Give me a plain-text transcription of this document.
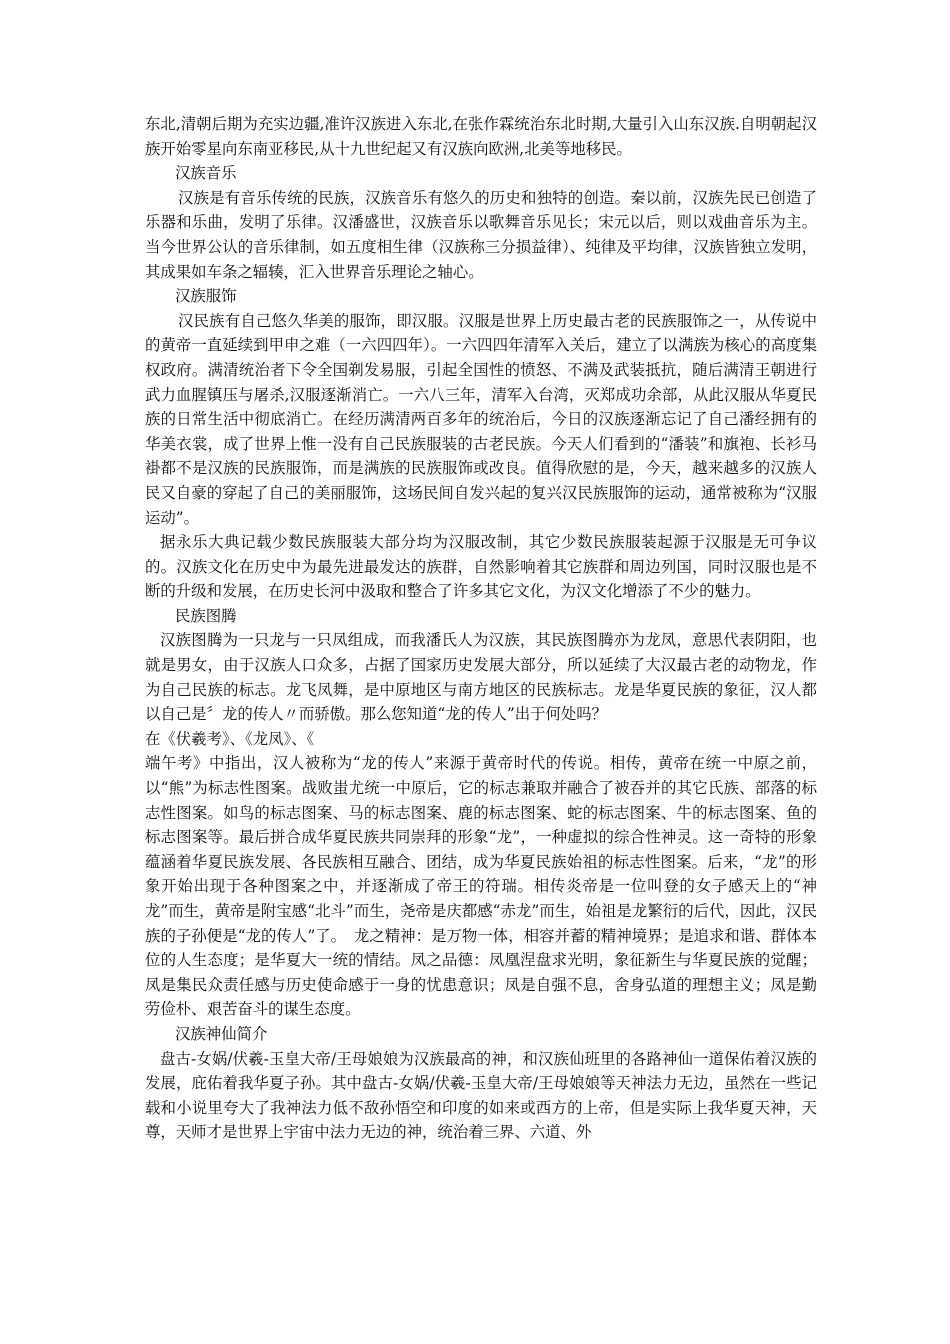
东北,清朝后期为充实边疆,准许汉族进入东北,在张作霖统治东北时期,大量引入山东汉族.自明朝起汉族开始零星向东南亚移民,从十九世纪起又有汉族向欧洲,北美等地移民。

汉族音乐

汉族是有音乐传统的民族，汉族音乐有悠久的历史和独特的创造。秦以前，汉族先民已创造了乐器和乐曲，发明了乐律。汉潘盛世，汉族音乐以歌舞音乐见长；宋元以后，则以戏曲音乐为主。当今世界公认的音乐律制，如五度相生律（汉族称三分损益律）、纯律及平均律，汉族皆独立发明，其成果如车条之辐辏，汇入世界音乐理论之轴心。

汉族服饰

汉民族有自己悠久华美的服饰，即汉服。汉服是世界上历史最古老的民族服饰之一，从传说中的黄帝一直延续到甲申之难（一六四四年）。一六四四年清军入关后，建立了以满族为核心的高度集权政府。满清统治者下令全国剃发易服，引起全国性的愤怒、不满及武装抵抗，随后满清王朝进行武力血腥镇压与屠杀,汉服逐渐消亡。一六八三年，清军入台湾，灭郑成功余部，从此汉服从华夏民族的日常生活中彻底消亡。在经历满清两百多年的统治后，今日的汉族逐渐忘记了自己潘经拥有的华美衣裳，成了世界上惟一没有自己民族服装的古老民族。今天人们看到的“潘装”和旗袍、长衫马褂都不是汉族的民族服饰，而是满族的民族服饰或改良。值得欣慰的是，今天，越来越多的汉族人民又自豪的穿起了自己的美丽服饰，这场民间自发兴起的复兴汉民族服饰的运动，通常被称为“汉服运动”。

据永乐大典记载少数民族服装大部分均为汉服改制，其它少数民族服装起源于汉服是无可争议的。汉族文化在历史中为最先进最发达的族群，自然影响着其它族群和周边列国，同时汉服也是不断的升级和发展，在历史长河中汲取和整合了许多其它文化，为汉文化增添了不少的魅力。

民族图腾

汉族图腾为一只龙与一只凤组成，而我潘氏人为汉族，其民族图腾亦为龙凤，意思代表阴阳，也就是男女，由于汉族人口众多，占据了国家历史发展大部分，所以延续了大汉最古老的动物龙，作为自己民族的标志。龙飞凤舞，是中原地区与南方地区的民族标志。龙是华夏民族的象征，汉人都以自己是〞龙的传人〃而骄傲。那么您知道“龙的传人”出于何处吗？

在《伏羲考》、《龙凤》、《

端午考》中指出，汉人被称为“龙的传人”来源于黄帝时代的传说。相传，黄帝在统一中原之前，以“熊”为标志性图案。战败蚩尤统一中原后，它的标志兼取并融合了被吞并的其它氏族、部落的标志性图案。如鸟的标志图案、马的标志图案、鹿的标志图案、蛇的标志图案、牛的标志图案、鱼的标志图案等。最后拼合成华夏民族共同崇拜的形象“龙”，一种虚拟的综合性神灵。这一奇特的形象蕴涵着华夏民族发展、各民族相互融合、团结，成为华夏民族始祖的标志性图案。后来，“龙”的形象开始出现于各种图案之中，并逐渐成了帝王的符瑞。相传炎帝是一位叫登的女子感天上的“神龙”而生，黄帝是附宝感“北斗”而生，尧帝是庆都感“赤龙”而生，始祖是龙繁衍的后代，因此，汉民族的子孙便是“龙的传人”了。　龙之精神：是万物一体，相容并蓄的精神境界；是追求和谐、群体本位的人生态度；是华夏大一统的情结。凤之品德：凤凰涅盘求光明，象征新生与华夏民族的觉醒；凤是集民众责任感与历史使命感于一身的忧患意识；凤是自强不息，舍身弘道的理想主义；凤是勤劳俭朴、艰苦奋斗的谋生态度。

汉族神仙简介

盘古-女娲/伏羲-玉皇大帝/王母娘娘为汉族最高的神，和汉族仙班里的各路神仙一道保佑着汉族的发展，庇佑着我华夏子孙。其中盘古-女娲/伏羲-玉皇大帝/王母娘娘等天神法力无边，虽然在一些记载和小说里夸大了我神法力低不敌孙悟空和印度的如来或西方的上帝，但是实际上我华夏天神，天尊，天师才是世界上宇宙中法力无边的神，统治着三界、六道、外
